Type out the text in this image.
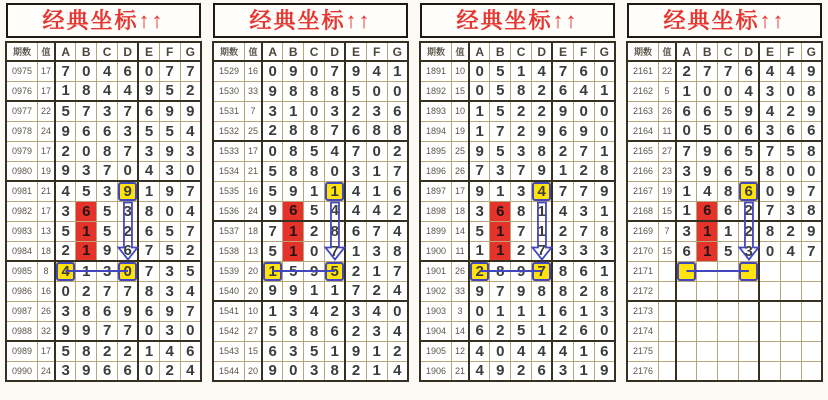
经典坐标↑↑
期数	值	A	B	C	D	E	F	G
0975	17	7	0	4	6	0	7	7
0976	17	1	8	4	4	9	5	2
0977	22	5	7	3	7	6	9	9
0978	24	9	6	6	3	5	5	4
0979	17	2	0	8	7	3	9	3
0980	19	9	3	7	0	4	3	0
0981	21	4	5	3	9	1	9	7
0982	17	3	6	5	3	8	0	4
0983	13	5	1	5	2	6	5	7
0984	18	2	1	9	6	7	5	2
0985	8	4	1	3	0	7	3	5
0986	16	0	2	7	7	8	3	4
0987	26	3	8	6	9	6	9	7
0988	32	9	9	7	7	0	3	0
0989	17	5	8	2	2	1	4	6
0990	24	3	9	6	6	0	2	4
经典坐标↑↑
期数	值	A	B	C	D	E	F	G
1529	16	0	9	0	7	9	4	1
1530	33	9	8	8	8	5	0	0
1531	7	3	1	0	3	2	3	6
1532	25	2	8	8	7	6	8	8
1533	17	0	8	5	4	7	0	2
1534	21	5	8	8	0	3	1	7
1535	16	5	9	1	1	4	1	6
1536	24	9	6	5	4	4	4	2
1537	18	7	1	2	8	6	7	4
1538	13	5	1	0	7	1	3	8
1539	20	1	5	9	5	2	1	7
1540	20	9	9	1	1	7	2	4
1541	10	1	3	4	2	3	4	0
1542	27	5	8	8	6	2	3	4
1543	15	6	3	5	1	9	1	2
1544	20	9	0	3	8	2	1	4
经典坐标↑↑
期数	值	A	B	C	D	E	F	G
1891	10	0	5	1	4	7	6	0
1892	15	0	5	8	2	6	4	1
1893	10	1	5	2	2	9	0	0
1894	19	1	7	2	9	6	9	0
1895	25	9	5	3	8	2	7	1
1896	26	7	3	7	9	1	2	8
1897	17	9	1	3	4	7	7	9
1898	18	3	6	8	1	4	3	1
1899	14	5	1	7	1	2	7	8
1900	11	1	1	2	7	3	3	3
1901	26	2	8	9	7	8	6	1
1902	33	9	7	9	8	8	2	8
1903	3	0	1	1	1	6	1	3
1904	14	6	2	5	1	2	6	0
1905	12	4	0	4	4	4	1	6
1906	21	4	9	2	6	3	1	9
经典坐标↑↑
期数	值	A	B	C	D	E	F	G
2161	22	2	7	7	6	4	4	9
2162	5	1	0	0	4	3	0	8
2163	26	6	6	5	9	4	2	9
2164	11	0	5	0	6	3	6	6
2165	27	7	9	6	5	7	5	8
2166	23	3	9	6	5	8	0	0
2167	19	1	4	8	6	0	9	7
2168	15	1	6	6	2	7	3	8
2169	7	3	1	1	2	8	2	9
2170	15	6	1	5	3	0	4	7
2171								
2172								
2173								
2174								
2175								
2176								
